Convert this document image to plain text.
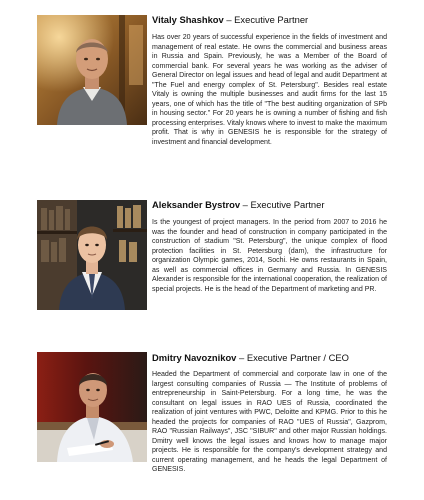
Vitaly Shashkov – Executive Partner

Has over 20 years of successful experience in the fields of investment and management of real estate. He owns the commercial and business areas in Russia and Spain. Previously, he was a Member of the Board of commercial bank. For several years he was working as the adviser of General Director on legal issues and head of legal and audit Department at "The Fuel and energy complex of St. Petersburg". Besides real estate Vitaly is owning the multiple businesses and audit firms for the last 15 years, one of which has the title of "The best auditing organization of SPb in housing sector." For 20 years he is owning a number of fishing and fish processing enterprises. Vitaly knows where to invest to make the maximum profit. That is why in GENESIS he is responsible for the strategy of investment and financial development.

Aleksander Bystrov – Executive Partner

Is the youngest of project managers. In the period from 2007 to 2016 he was the founder and head of construction in company participated in the construction of stadium "St. Petersburg", the unique complex of flood protection facilities in St. Petersburg (dam), the infrastructure for organization Olympic games, 2014, Sochi. He owns restaurants in Spain, as well as commercial offices in Germany and Russia. In GENESIS Alexander is responsible for the international cooperation, the realization of special projects. He is the head of the Department of marketing and PR.

Dmitry Navoznikov – Executive Partner / CEO

Headed the Department of commercial and corporate law in one of the largest consulting companies of Russia — The Institute of problems of entrepreneurship in Saint-Petersburg. For a long time, he was the consultant on legal issues in RAO UES of Russia, coordinated the realization of joint ventures with PWC, Deloitte and KPMG. Prior to this he headed the projects for companies of RAO "UES of Russia", Gazprom, RAO "Russian Railways", JSC "SIBUR" and other major Russian holdings. Dmitry well knows the legal issues and knows how to manage major projects. He is responsible for the company's development strategy and current operating management, and he heads the legal Department of GENESIS.
